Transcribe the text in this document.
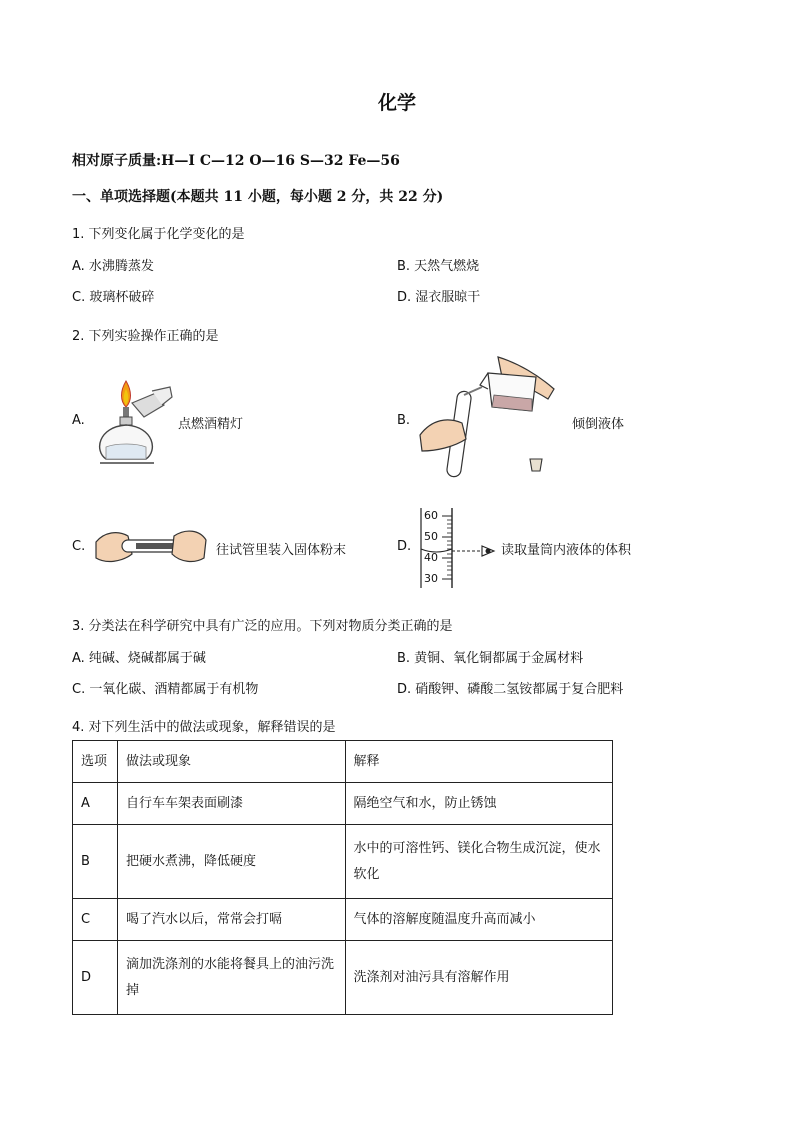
化学
相对原子质量:H—I C—12 O—16 S—32 Fe—56
一、单项选择题(本题共 11 小题，每小题 2 分，共 22 分)
1. 下列变化属于化学变化的是
A. 水沸腾蒸发	B. 天然气燃烧
C. 玻璃杯破碎	D. 湿衣服晾干
2. 下列实验操作正确的是
A.	点燃酒精灯	B.	倾倒液体
C.	往试管里装入固体粉末	D.
60
50
40
30
读取量筒内液体的体积
3. 分类法在科学研究中具有广泛的应用。下列对物质分类正确的是
A. 纯碱、烧碱都属于碱	B. 黄铜、氧化铜都属于金属材料
C. 一氧化碳、酒精都属于有机物	D. 硝酸钾、磷酸二氢铵都属于复合肥料
4. 对下列生活中的做法或现象，解释错误的是
选项	做法或现象	解释
A	自行车车架表面刷漆	隔绝空气和水，防止锈蚀
B	把硬水煮沸，降低硬度	水中的可溶性钙、镁化合物生成沉淀，使水软化
C	喝了汽水以后，常常会打嗝	气体的溶解度随温度升高而减小
D	滴加洗涤剂的水能将餐具上的油污洗掉	洗涤剂对油污具有溶解作用
